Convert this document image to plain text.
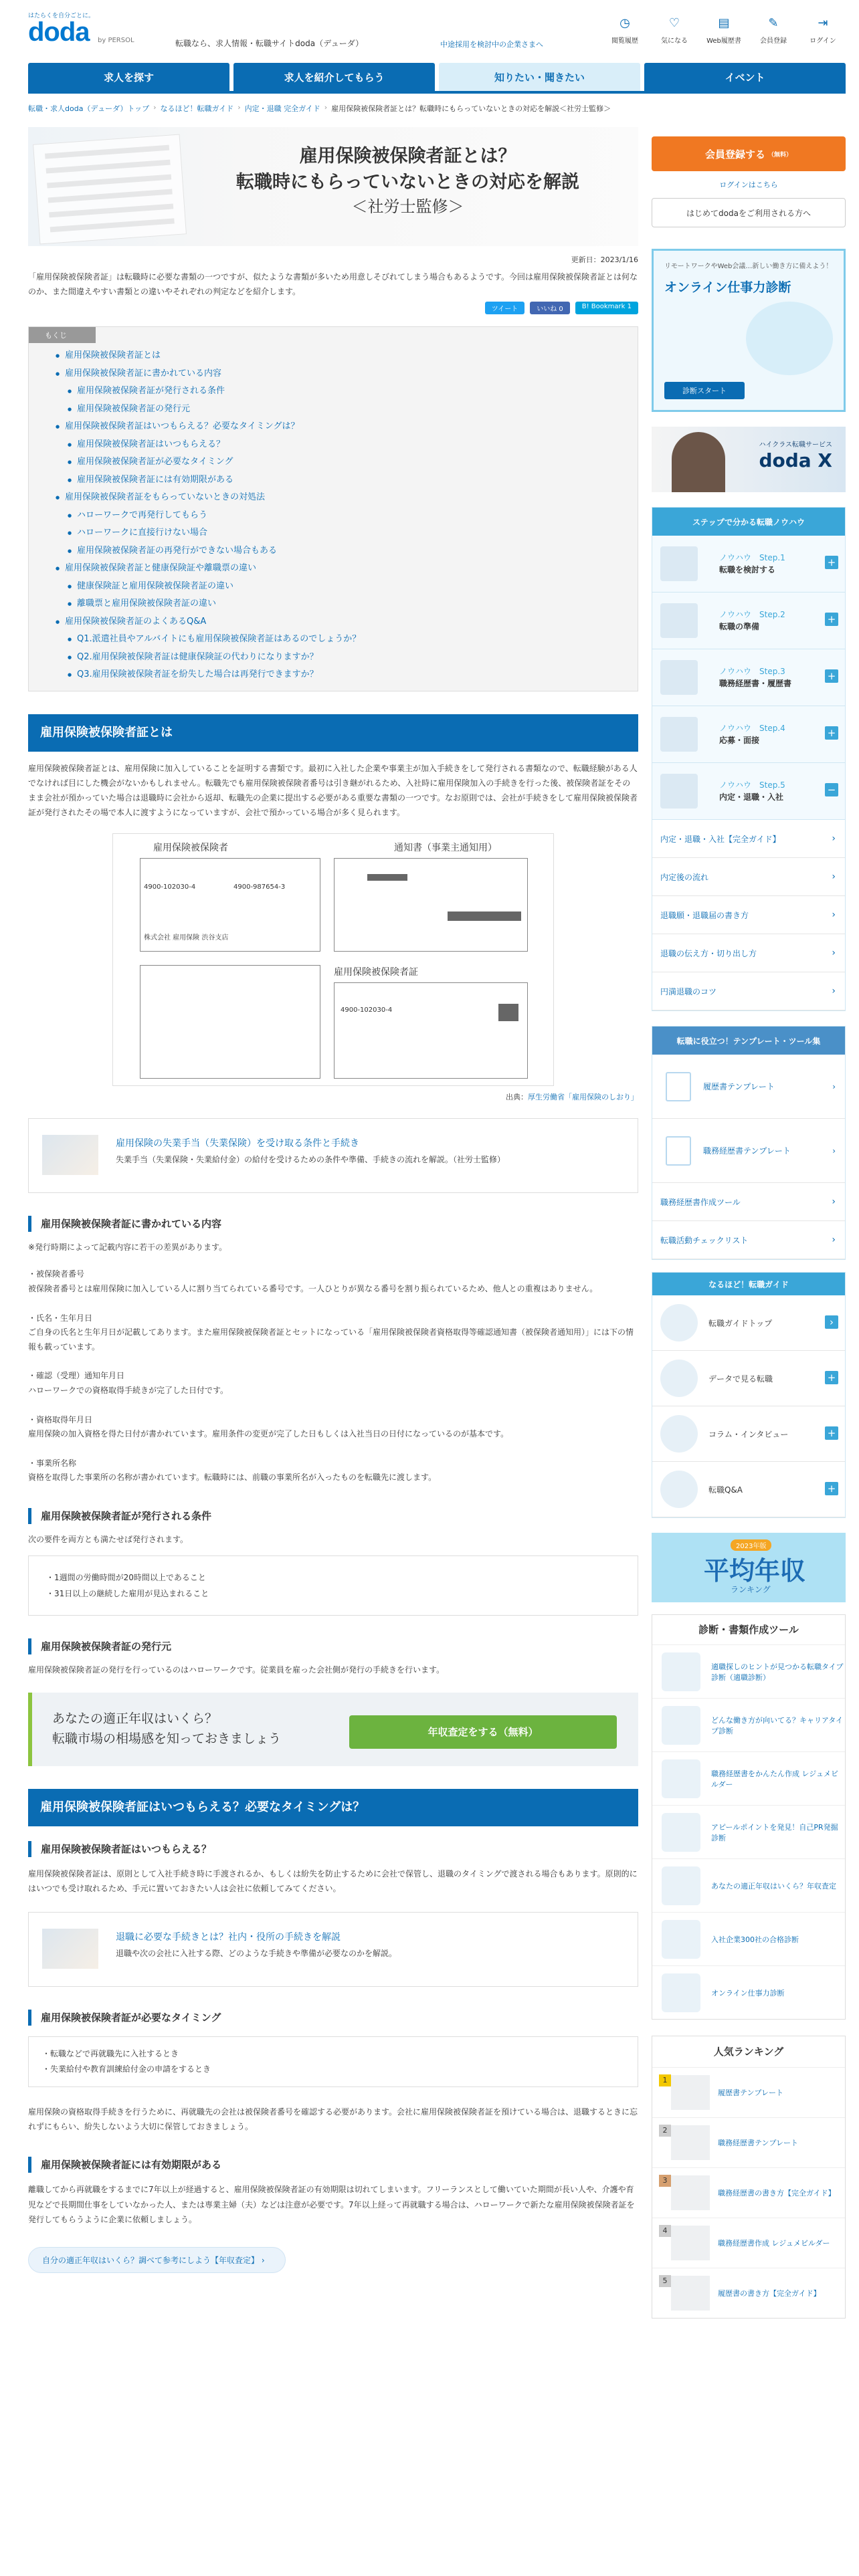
はたらくを自分ごとに。
doda by PERSOL	転職なら、求人情報・転職サイトdoda（デューダ）	中途採用を検討中の企業さまへ
◷
閲覧履歴
♡
気になる
▤
Web履歴書
✎
会員登録
⇥
ログイン
求人を探す	求人を紹介してもらう	知りたい・聞きたい	イベント
転職・求人doda（デューダ）トップ › なるほど！転職ガイド › 内定・退職 完全ガイド › 雇用保険被保険者証とは？転職時にもらっていないときの対応を解説＜社労士監修＞
雇用保険被保険者証とは？
転職時にもらっていないときの対応を解説

＜社労士監修＞
更新日：2023/1/16
「雇用保険被保険者証」は転職時に必要な書類の一つですが、似たような書類が多いため用意しそびれてしまう場合もあるようです。今回は雇用保険被保険者証とは何なのか、また間違えやすい書類との違いやそれぞれの判定などを紹介します。
ツイート	いいね 0	B! Bookmark 1
もくじ
● 雇用保険被保険者証とは
● 雇用保険被保険者証に書かれている内容
● 雇用保険被保険者証が発行される条件
● 雇用保険被保険者証の発行元
● 雇用保険被保険者証はいつもらえる？必要なタイミングは？
● 雇用保険被保険者証はいつもらえる？
● 雇用保険被保険者証が必要なタイミング
● 雇用保険被保険者証には有効期限がある
● 雇用保険被保険者証をもらっていないときの対処法
● ハローワークで再発行してもらう
● ハローワークに直接行けない場合
● 雇用保険被保険者証の再発行ができない場合もある
● 雇用保険被保険者証と健康保険証や離職票の違い
● 健康保険証と雇用保険被保険者証の違い
● 離職票と雇用保険被保険者証の違い
● 雇用保険被保険者証のよくあるQ&A
● Q1.派遣社員やアルバイトにも雇用保険被保険者証はあるのでしょうか？
● Q2.雇用保険被保険者証は健康保険証の代わりになりますか？
● Q3.雇用保険被保険者証を紛失した場合は再発行できますか？
雇用保険被保険者証とは
雇用保険被保険者証とは、雇用保険に加入していることを証明する書類です。最初に入社した企業や事業主が加入手続きをして発行される書類なので、転職経験がある人でなければ目にした機会がないかもしれません。転職先でも雇用保険被保険者番号は引き継がれるため、入社時に雇用保険加入の手続きを行った後、被保険者証をそのまま会社が預かっていた場合は退職時に会社から返却、転職先の企業に提出する必要がある重要な書類の一つです。なお原則では、会社が手続きをして雇用保険被保険者証が発行されたその場で本人に渡すようになっていますが、会社で預かっている場合が多く見られます。
雇用保険被保険者	通知書（事業主通知用）
4900-102030-4	4900-987654-3
株式会社 雇用保険 渋谷支店
雇用保険被保険者証
4900-102030-4
出典：厚生労働省「雇用保険のしおり」
雇用保険の失業手当（失業保険）を受け取る条件と手続き
失業手当（失業保険・失業給付金）の給付を受けるための条件や準備、手続きの流れを解説。（社労士監修）
雇用保険被保険者証に書かれている内容
※発行時期によって記載内容に若干の差異があります。
・被保険者番号
被保険者番号とは雇用保険に加入している人に割り当てられている番号です。一人ひとりが異なる番号を割り振られているため、他人との重複はありません。
・氏名・生年月日
ご自身の氏名と生年月日が記載してあります。また雇用保険被保険者証とセットになっている「雇用保険被保険者資格取得等確認通知書（被保険者通知用）」には下の情報も載っています。
・確認（受理）通知年月日
ハローワークでの資格取得手続きが完了した日付です。
・資格取得年月日
雇用保険の加入資格を得た日付が書かれています。雇用条件の変更が完了した日もしくは入社当日の日付になっているのが基本です。
・事業所名称
資格を取得した事業所の名称が書かれています。転職時には、前職の事業所名が入ったものを転職先に渡します。
雇用保険被保険者証が発行される条件
次の要件を両方とも満たせば発行されます。
・1週間の労働時間が20時間以上であること
・31日以上の継続した雇用が見込まれること
雇用保険被保険者証の発行元
雇用保険被保険者証の発行を行っているのはハローワークです。従業員を雇った会社側が発行の手続きを行います。
あなたの適正年収はいくら？
転職市場の相場感を知っておきましょう	年収査定をする（無料）
雇用保険被保険者証はいつもらえる？必要なタイミングは？
雇用保険被保険者証はいつもらえる？
雇用保険被保険者証は、原則として入社手続き時に手渡されるか、もしくは紛失を防止するために会社で保管し、退職のタイミングで渡される場合もあります。原則的にはいつでも受け取れるため、手元に置いておきたい人は会社に依頼してみてください。
退職に必要な手続きとは？社内・役所の手続きを解説
退職や次の会社に入社する際、どのような手続きや準備が必要なのかを解説。
雇用保険被保険者証が必要なタイミング
・転職などで再就職先に入社するとき
・失業給付や教育訓練給付金の申請をするとき
雇用保険の資格取得手続きを行うために、再就職先の会社は被保険者番号を確認する必要があります。会社に雇用保険被保険者証を預けている場合は、退職するときに忘れずにもらい、紛失しないよう大切に保管しておきましょう。
雇用保険被保険者証には有効期限がある
離職してから再就職をするまでに7年以上が経過すると、雇用保険被保険者証の有効期限は切れてしまいます。フリーランスとして働いていた期間が長い人や、介護や育児などで長期間仕事をしていなかった人、または専業主婦（夫）などは注意が必要です。7年以上経って再就職する場合は、ハローワークで新たな雇用保険被保険者証を発行してもらうように企業に依頼しましょう。
自分の適正年収はいくら？調べて参考にしよう【年収査定】 ›
会員登録する （無料）
ログインはこちら
はじめてdodaをご利用される方へ
リモートワークやWeb会議…新しい働き方に備えよう！
オンライン仕事力診断
診断スタート
ハイクラス転職サービス
doda X
ステップで分かる転職ノウハウ
ノウハウ　Step.1
転職を検討する
+
ノウハウ　Step.2
転職の準備
+
ノウハウ　Step.3
職務経歴書・履歴書
+
ノウハウ　Step.4
応募・面接
+
ノウハウ　Step.5
内定・退職・入社
−
内定・退職・入社【完全ガイド】	›
内定後の流れ	›
退職願・退職届の書き方	›
退職の伝え方・切り出し方	›
円満退職のコツ	›
転職に役立つ！テンプレート・ツール集
履歴書テンプレート	›
職務経歴書テンプレート	›
職務経歴書作成ツール	›
転職活動チェックリスト	›
なるほど！転職ガイド
転職ガイドトップ	›
データで見る転職	+
コラム・インタビュー	+
転職Q&A	+
2023年版
平均年収
ランキング
診断・書類作成ツール
適職探しのヒントが見つかる転職タイプ診断（適職診断）
どんな働き方が向いてる？キャリアタイプ診断
職務経歴書をかんたん作成 レジュメビルダー
アピールポイントを発見！自己PR発掘診断
あなたの適正年収はいくら？年収査定
入社企業300社の合格診断
オンライン仕事力診断
人気ランキング
1
履歴書テンプレート
2
職務経歴書テンプレート
3
職務経歴書の書き方【完全ガイド】
4
職務経歴書作成 レジュメビルダー
5
履歴書の書き方【完全ガイド】
